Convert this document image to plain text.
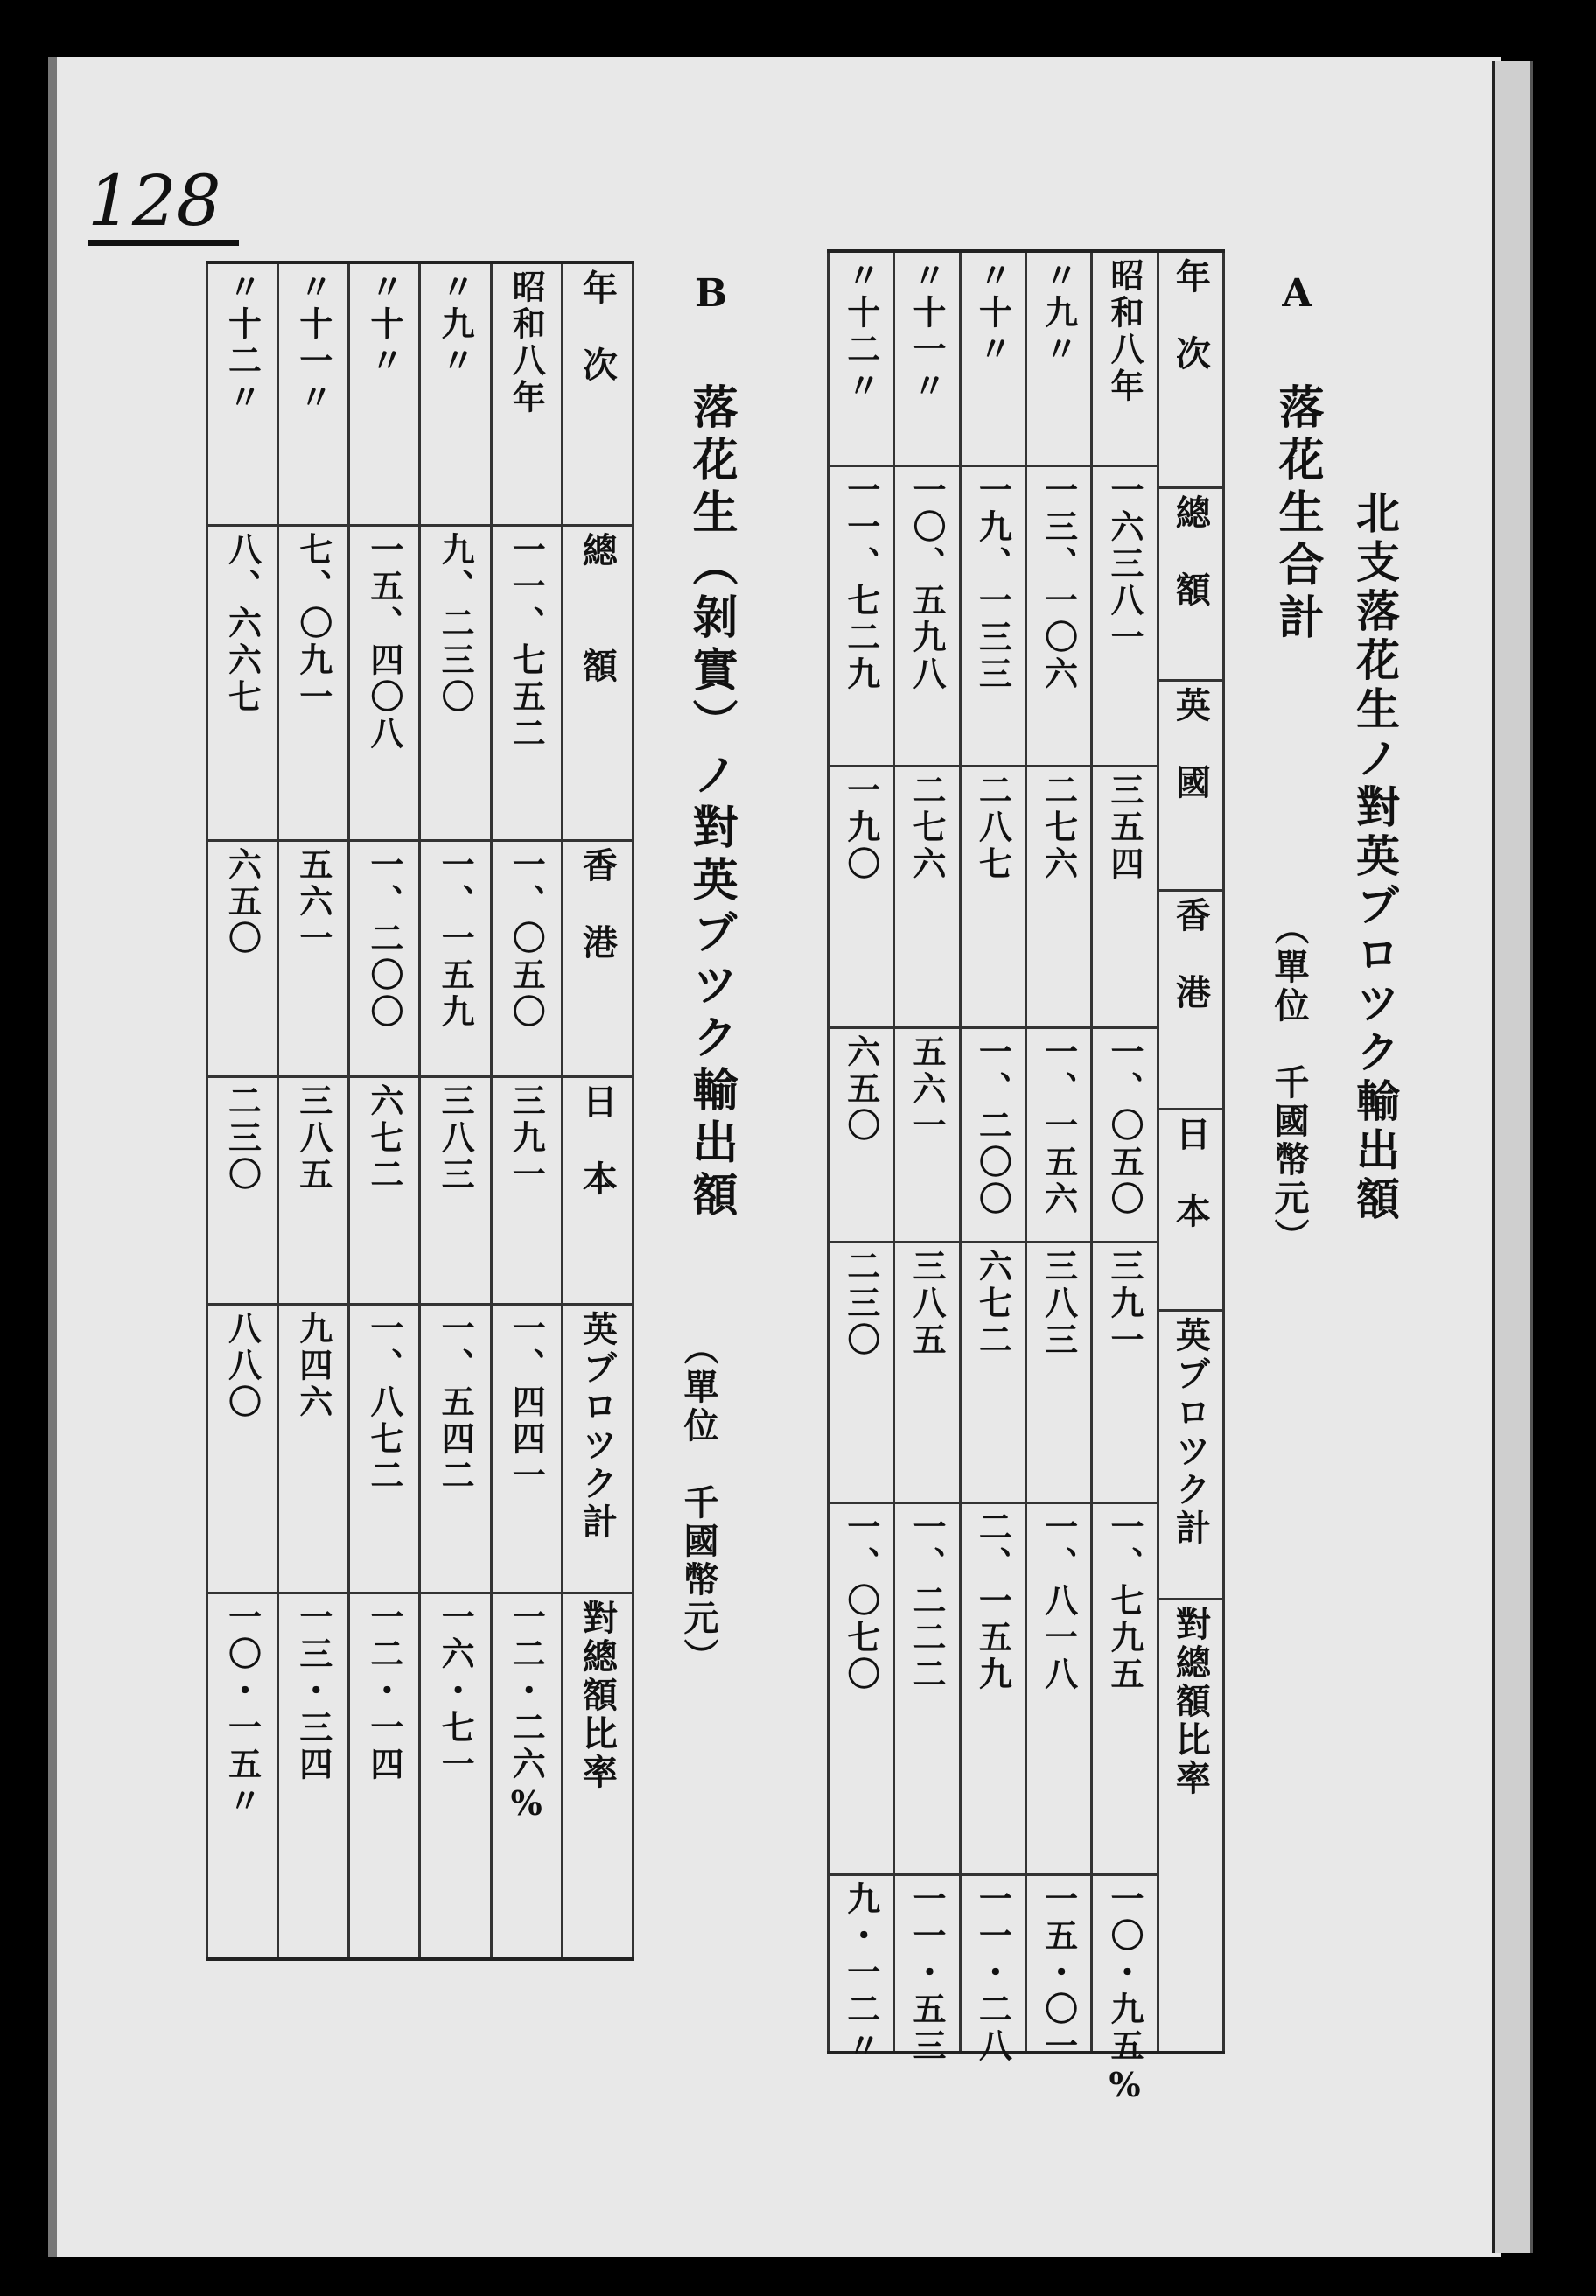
128
北支落花生ノ對英ブロツク輸出額
A 落花生合計
（單位　千國幣元）
年　次
總　額
英　國
香　港
日　本
英ブロツク計
對總額比率
昭和八年
一六三八一
三五四
一、〇五〇
三九一
一、七九五
一〇・九五%
〃九〃
一三、一〇六
二七六
一、一五六
三八三
一、八一八
一五・〇一
〃十〃
一九、一三三
二八七
一、二〇〇
六七二
二、一五九
一一・二八
〃十一〃
一〇、五九八
二七六
五六一
三八五
一、二二二
一一・五三
〃十二〃
一一、七二九
一九〇
六五〇
二三〇
一、〇七〇
九・一二〃
B 落花生（剝實）ノ對英ブツク輸出額
（單位　千國幣元）
年　次
總　　額
香　港
日　本
英ブロツク計
對總額比率
昭和八年
一一、七五二
一、〇五〇
三九一
一、四四一
一二・二六%
〃九〃
九、二三〇
一、一五九
三八三
一、五四二
一六・七一
〃十〃
一五、四〇八
一、二〇〇
六七二
一、八七二
一二・一四
〃十一〃
七、〇九一
五六一
三八五
九四六
一三・三四
〃十二〃
八、六六七
六五〇
二三〇
八八〇
一〇・一五〃
